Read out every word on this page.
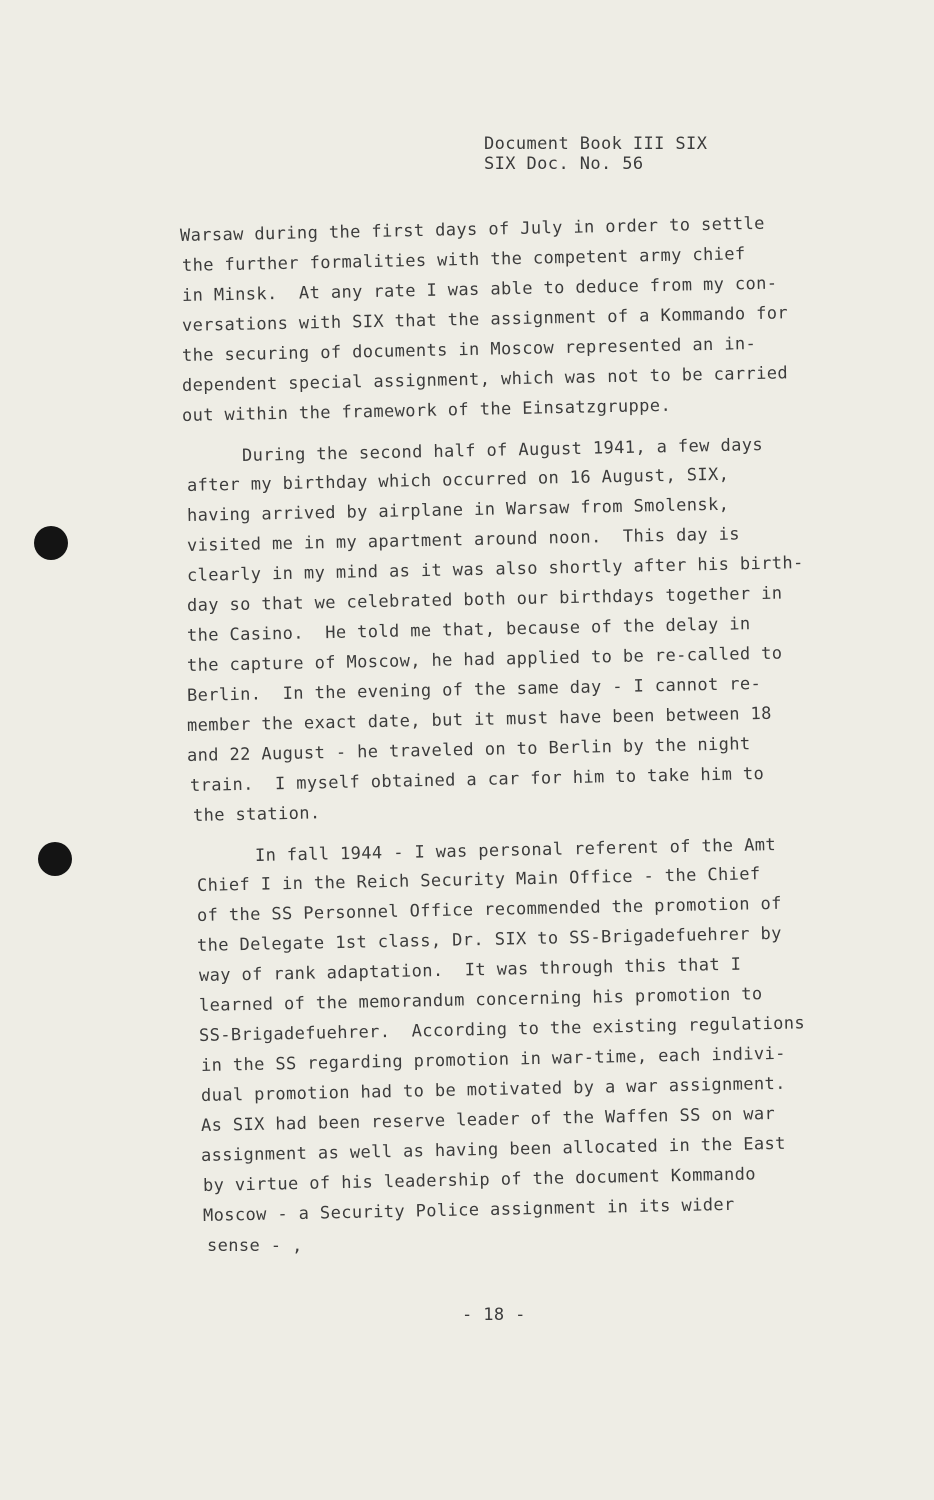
Document Book III SIX
SIX Doc. No. 56
Warsaw during the first days of July in order to settle
the further formalities with the competent army chief
in Minsk.  At any rate I was able to deduce from my con-
versations with SIX that the assignment of a Kommando for
the securing of documents in Moscow represented an in-
dependent special assignment, which was not to be carried
out within the framework of the Einsatzgruppe.
During the second half of August 1941, a few days
after my birthday which occurred on 16 August, SIX,
having arrived by airplane in Warsaw from Smolensk,
visited me in my apartment around noon.  This day is
clearly in my mind as it was also shortly after his birth-
day so that we celebrated both our birthdays together in
the Casino.  He told me that, because of the delay in
the capture of Moscow, he had applied to be re-called to
Berlin.  In the evening of the same day - I cannot re-
member the exact date, but it must have been between 18
and 22 August - he traveled on to Berlin by the night
train.  I myself obtained a car for him to take him to
the station.
In fall 1944 - I was personal referent of the Amt
Chief I in the Reich Security Main Office - the Chief
of the SS Personnel Office recommended the promotion of
the Delegate 1st class, Dr. SIX to SS-Brigadefuehrer by
way of rank adaptation.  It was through this that I
learned of the memorandum concerning his promotion to
SS-Brigadefuehrer.  According to the existing regulations
in the SS regarding promotion in war-time, each indivi-
dual promotion had to be motivated by a war assignment.
As SIX had been reserve leader of the Waffen SS on war
assignment as well as having been allocated in the East
by virtue of his leadership of the document Kommando
Moscow - a Security Police assignment in its wider
sense - ,
- 18 -
